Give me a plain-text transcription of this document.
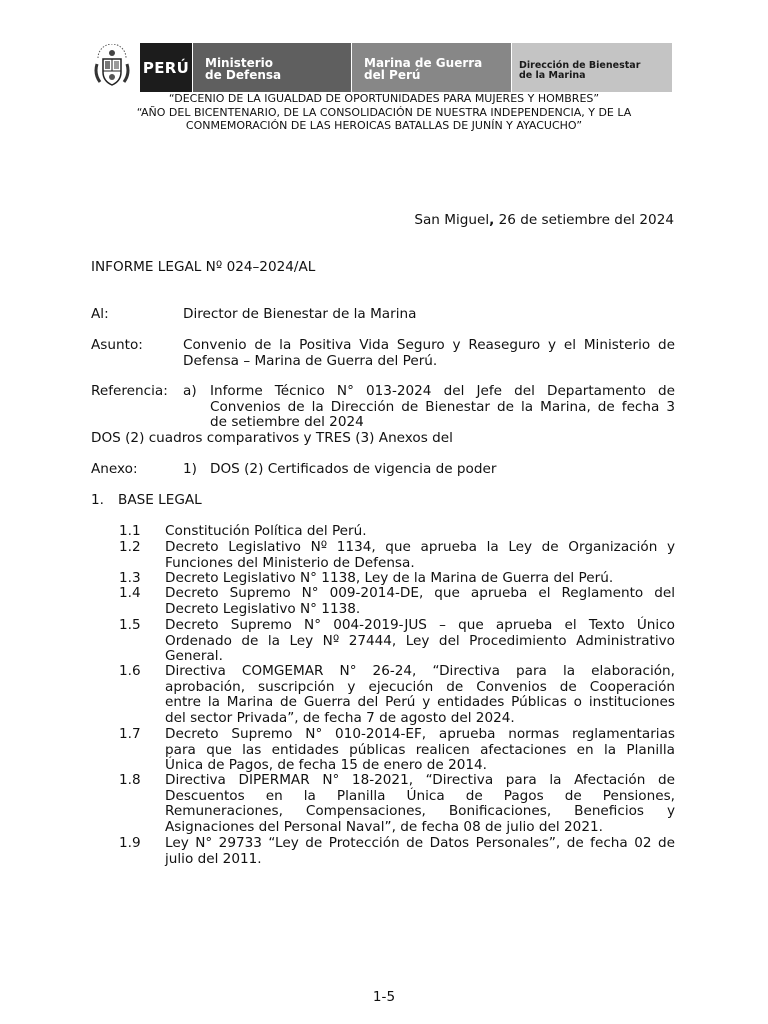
PERÚ Ministerio
de Defensa
Marina de Guerra
del Perú
Dirección de Bienestar
de la Marina
“DECENIO DE LA IGUALDAD DE OPORTUNIDADES PARA MUJERES Y HOMBRES”
“AÑO DEL BICENTENARIO, DE LA CONSOLIDACIÓN DE NUESTRA INDEPENDENCIA, Y DE LA
CONMEMORACIÓN DE LAS HEROICAS BATALLAS DE JUNÍN Y AYACUCHO”
San Miguel, 26 de setiembre del 2024
INFORME LEGAL Nº 024–2024/AL
Al:	Director de Bienestar de la Marina
Asunto:	Convenio de la Positiva Vida Seguro y Reaseguro y el Ministerio de
Defensa – Marina de Guerra del Perú.
Referencia: a) Informe Técnico N° 013-2024 del Jefe del Departamento de
Convenios de la Dirección de Bienestar de la Marina, de fecha 3
de setiembre del 2024
DOS (2) cuadros comparativos y TRES (3) Anexos del
Anexo:	1) DOS (2) Certificados de vigencia de poder
1. BASE LEGAL
1.1 Constitución Política del Perú.
1.2 Decreto Legislativo Nº 1134, que aprueba la Ley de Organización y
Funciones del Ministerio de Defensa.
1.3 Decreto Legislativo N° 1138, Ley de la Marina de Guerra del Perú.
1.4 Decreto Supremo N° 009-2014-DE, que aprueba el Reglamento del
Decreto Legislativo N° 1138.
1.5 Decreto Supremo N° 004-2019-JUS – que aprueba el Texto Único
Ordenado de la Ley Nº 27444, Ley del Procedimiento Administrativo
General.
1.6 Directiva COMGEMAR N° 26-24, “Directiva para la elaboración,
aprobación, suscripción y ejecución de Convenios de Cooperación
entre la Marina de Guerra del Perú y entidades Públicas o instituciones
del sector Privada”, de fecha 7 de agosto del 2024.
1.7 Decreto Supremo N° 010-2014-EF, aprueba normas reglamentarias
para que las entidades públicas realicen afectaciones en la Planilla
Única de Pagos, de fecha 15 de enero de 2014.
1.8 Directiva DIPERMAR N° 18-2021, “Directiva para la Afectación de
Descuentos en la Planilla Única de Pagos de Pensiones,
Remuneraciones, Compensaciones, Bonificaciones, Beneficios y
Asignaciones del Personal Naval”, de fecha 08 de julio del 2021.
1.9 Ley N° 29733 “Ley de Protección de Datos Personales”, de fecha 02 de
julio del 2011.
1-5
